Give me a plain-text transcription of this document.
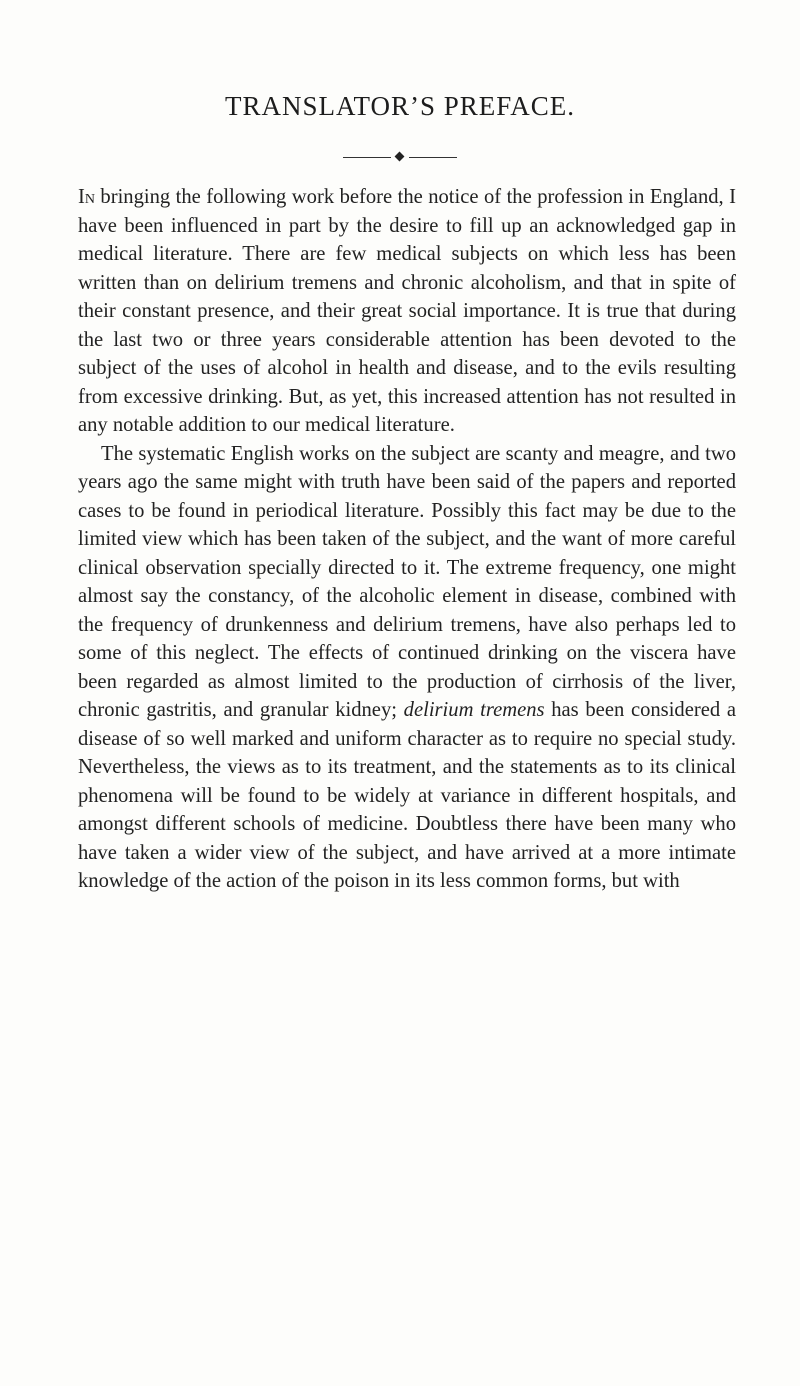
TRANSLATOR’S PREFACE.

In bringing the following work before the notice of the profession in England, I have been influenced in part by the desire to fill up an acknowledged gap in medical literature. There are few medical subjects on which less has been written than on delirium tremens and chronic alcoholism, and that in spite of their constant presence, and their great social importance. It is true that during the last two or three years considerable attention has been devoted to the subject of the uses of alcohol in health and disease, and to the evils resulting from excessive drinking. But, as yet, this increased attention has not resulted in any notable addition to our medical literature.

The systematic English works on the subject are scanty and meagre, and two years ago the same might with truth have been said of the papers and reported cases to be found in periodical literature. Possibly this fact may be due to the limited view which has been taken of the subject, and the want of more careful clinical observation specially directed to it. The extreme frequency, one might almost say the constancy, of the alcoholic element in disease, combined with the frequency of drunkenness and delirium tremens, have also perhaps led to some of this neglect. The effects of continued drinking on the viscera have been regarded as almost limited to the production of cirrhosis of the liver, chronic gastritis, and granular kidney; delirium tremens has been considered a disease of so well marked and uniform character as to require no special study. Nevertheless, the views as to its treatment, and the statements as to its clinical phenomena will be found to be widely at variance in different hospitals, and amongst different schools of medicine. Doubtless there have been many who have taken a wider view of the subject, and have arrived at a more intimate knowledge of the action of the poison in its less common forms, but with
